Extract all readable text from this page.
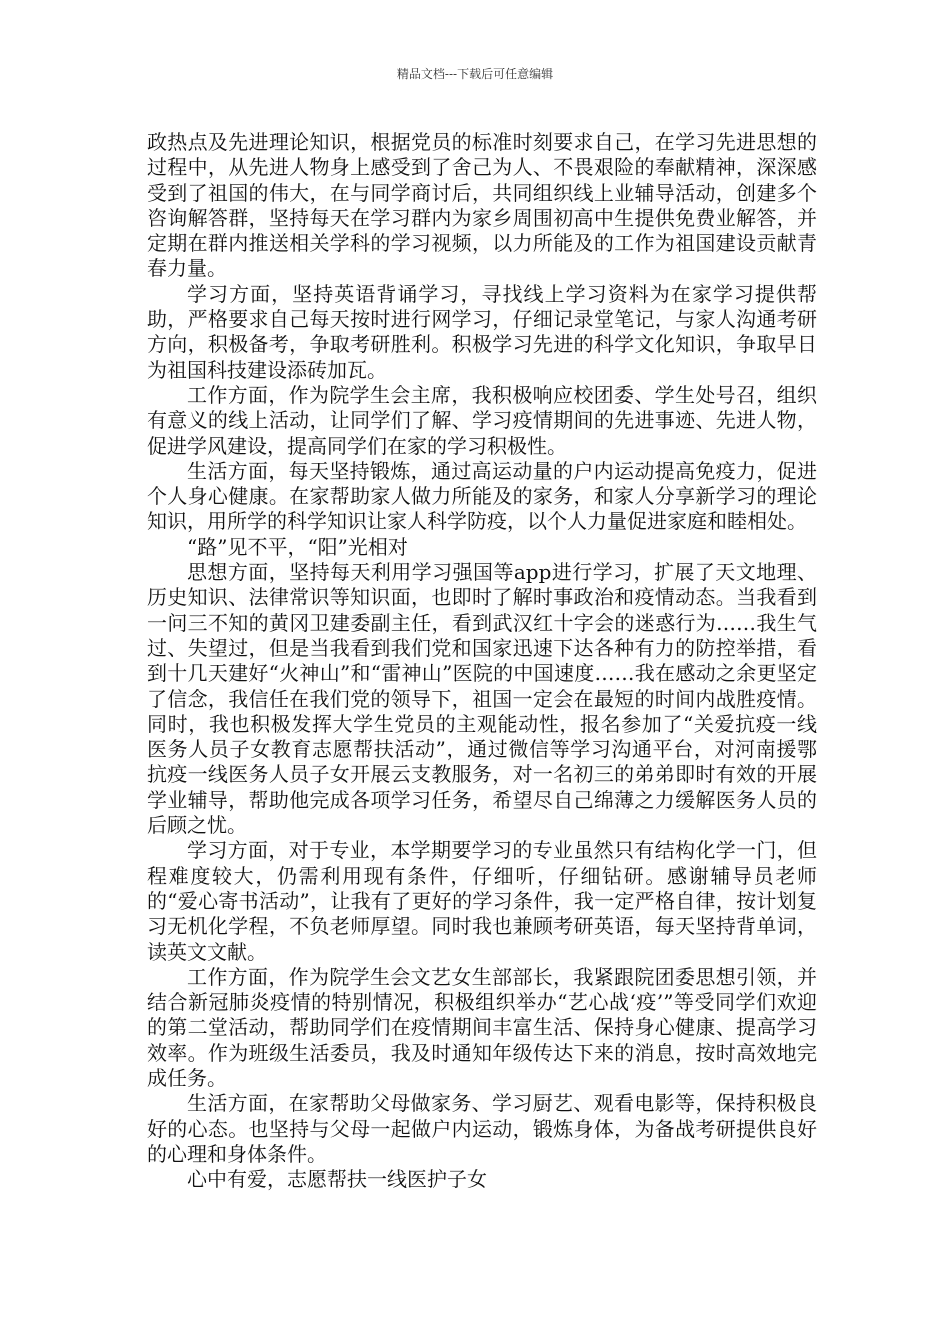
精品文档---下载后可任意编辑

政热点及先进理论知识，根据党员的标准时刻要求自己，在学习先进思想的过程中，从先进人物身上感受到了舍己为人、不畏艰险的奉献精神，深深感受到了祖国的伟大，在与同学商讨后，共同组织线上业辅导活动，创建多个咨询解答群，坚持每天在学习群内为家乡周围初高中生提供免费业解答，并定期在群内推送相关学科的学习视频，以力所能及的工作为祖国建设贡献青春力量。

学习方面，坚持英语背诵学习，寻找线上学习资料为在家学习提供帮助，严格要求自己每天按时进行网学习，仔细记录堂笔记，与家人沟通考研方向，积极备考，争取考研胜利。积极学习先进的科学文化知识，争取早日为祖国科技建设添砖加瓦。

工作方面，作为院学生会主席，我积极响应校团委、学生处号召，组织有意义的线上活动，让同学们了解、学习疫情期间的先进事迹、先进人物，促进学风建设，提高同学们在家的学习积极性。

生活方面，每天坚持锻炼，通过高运动量的户内运动提高免疫力，促进个人身心健康。在家帮助家人做力所能及的家务，和家人分享新学习的理论知识，用所学的科学知识让家人科学防疫，以个人力量促进家庭和睦相处。

“路”见不平，“阳”光相对

思想方面，坚持每天利用学习强国等app进行学习，扩展了天文地理、历史知识、法律常识等知识面，也即时了解时事政治和疫情动态。当我看到一问三不知的黄冈卫建委副主任，看到武汉红十字会的迷惑行为……我生气过、失望过，但是当我看到我们党和国家迅速下达各种有力的防控举措，看到十几天建好“火神山”和“雷神山”医院的中国速度……我在感动之余更坚定了信念，我信任在我们党的领导下，祖国一定会在最短的时间内战胜疫情。同时，我也积极发挥大学生党员的主观能动性，报名参加了“关爱抗疫一线医务人员子女教育志愿帮扶活动”，通过微信等学习沟通平台，对河南援鄂抗疫一线医务人员子女开展云支教服务，对一名初三的弟弟即时有效的开展学业辅导，帮助他完成各项学习任务，希望尽自己绵薄之力缓解医务人员的后顾之忧。

学习方面，对于专业，本学期要学习的专业虽然只有结构化学一门，但程难度较大，仍需利用现有条件，仔细听，仔细钻研。感谢辅导员老师的“爱心寄书活动”，让我有了更好的学习条件，我一定严格自律，按计划复习无机化学程，不负老师厚望。同时我也兼顾考研英语，每天坚持背单词，读英文文献。

工作方面，作为院学生会文艺女生部部长，我紧跟院团委思想引领，并结合新冠肺炎疫情的特别情况，积极组织举办“艺心战‘疫’”等受同学们欢迎的第二堂活动，帮助同学们在疫情期间丰富生活、保持身心健康、提高学习效率。作为班级生活委员，我及时通知年级传达下来的消息，按时高效地完成任务。

生活方面，在家帮助父母做家务、学习厨艺、观看电影等，保持积极良好的心态。也坚持与父母一起做户内运动，锻炼身体，为备战考研提供良好的心理和身体条件。

心中有爱，志愿帮扶一线医护子女
